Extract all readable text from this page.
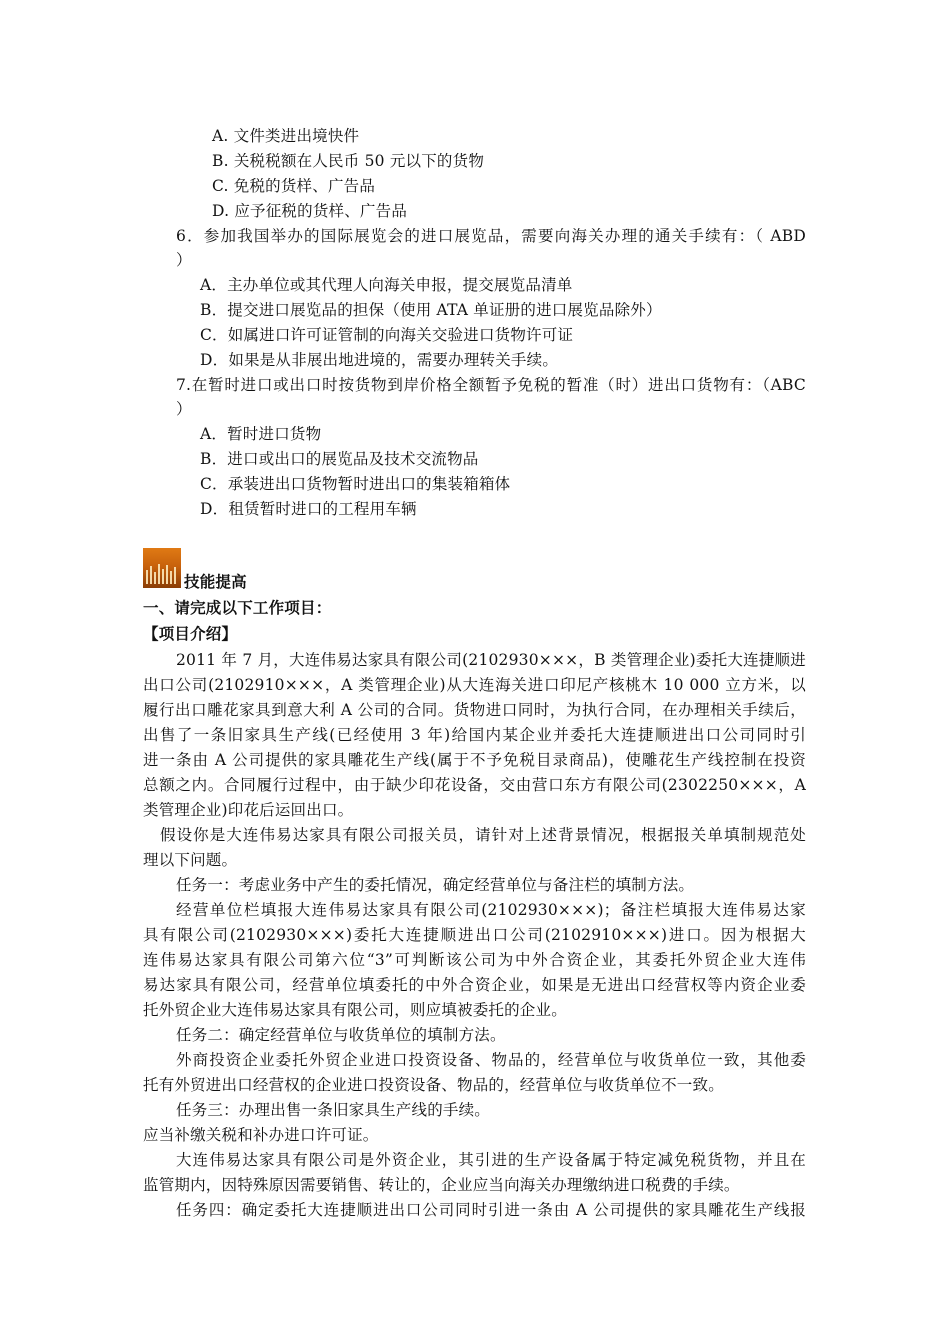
A. 文件类进出境快件
B. 关税税额在人民币 50 元以下的货物
C. 免税的货样、广告品
D. 应予征税的货样、广告品
6．参加我国举办的国际展览会的进口展览品，需要向海关办理的通关手续有：（ ABD
）
A．主办单位或其代理人向海关申报，提交展览品清单
B．提交进口展览品的担保（使用 ATA 单证册的进口展览品除外）
C．如属进口许可证管制的向海关交验进口货物许可证
D．如果是从非展出地进境的，需要办理转关手续。
7.在暂时进口或出口时按货物到岸价格全额暂予免税的暂准（时）进出口货物有：（ABC
）
A．暂时进口货物
B．进口或出口的展览品及技术交流物品
C．承装进出口货物暂时进出口的集装箱箱体
D．租赁暂时进口的工程用车辆
技能提高
一、请完成以下工作项目：
【项目介绍】
2011 年 7 月，大连伟易达家具有限公司(2102930×××，B 类管理企业)委托大连捷顺进
出口公司(2102910×××，A 类管理企业)从大连海关进口印尼产核桃木 10 000 立方米，以
履行出口雕花家具到意大利 A 公司的合同。货物进口同时，为执行合同，在办理相关手续后，
出售了一条旧家具生产线(已经使用 3 年)给国内某企业并委托大连捷顺进出口公司同时引
进一条由 A 公司提供的家具雕花生产线(属于不予免税目录商品)，使雕花生产线控制在投资
总额之内。合同履行过程中，由于缺少印花设备，交由营口东方有限公司(2302250×××，A
类管理企业)印花后运回出口。
假设你是大连伟易达家具有限公司报关员，请针对上述背景情况，根据报关单填制规范处
理以下问题。
任务一：考虑业务中产生的委托情况，确定经营单位与备注栏的填制方法。
经营单位栏填报大连伟易达家具有限公司(2102930×××)；备注栏填报大连伟易达家
具有限公司(2102930×××)委托大连捷顺进出口公司(2102910×××)进口。因为根据大
连伟易达家具有限公司第六位“3”可判断该公司为中外合资企业，其委托外贸企业大连伟
易达家具有限公司，经营单位填委托的中外合资企业，如果是无进出口经营权等内资企业委
托外贸企业大连伟易达家具有限公司，则应填被委托的企业。
任务二：确定经营单位与收货单位的填制方法。
外商投资企业委托外贸企业进口投资设备、物品的，经营单位与收货单位一致，其他委
托有外贸进出口经营权的企业进口投资设备、物品的，经营单位与收货单位不一致。
任务三：办理出售一条旧家具生产线的手续。
应当补缴关税和补办进口许可证。
大连伟易达家具有限公司是外资企业，其引进的生产设备属于特定减免税货物，并且在
监管期内，因特殊原因需要销售、转让的，企业应当向海关办理缴纳进口税费的手续。
任务四：确定委托大连捷顺进出口公司同时引进一条由 A 公司提供的家具雕花生产线报
